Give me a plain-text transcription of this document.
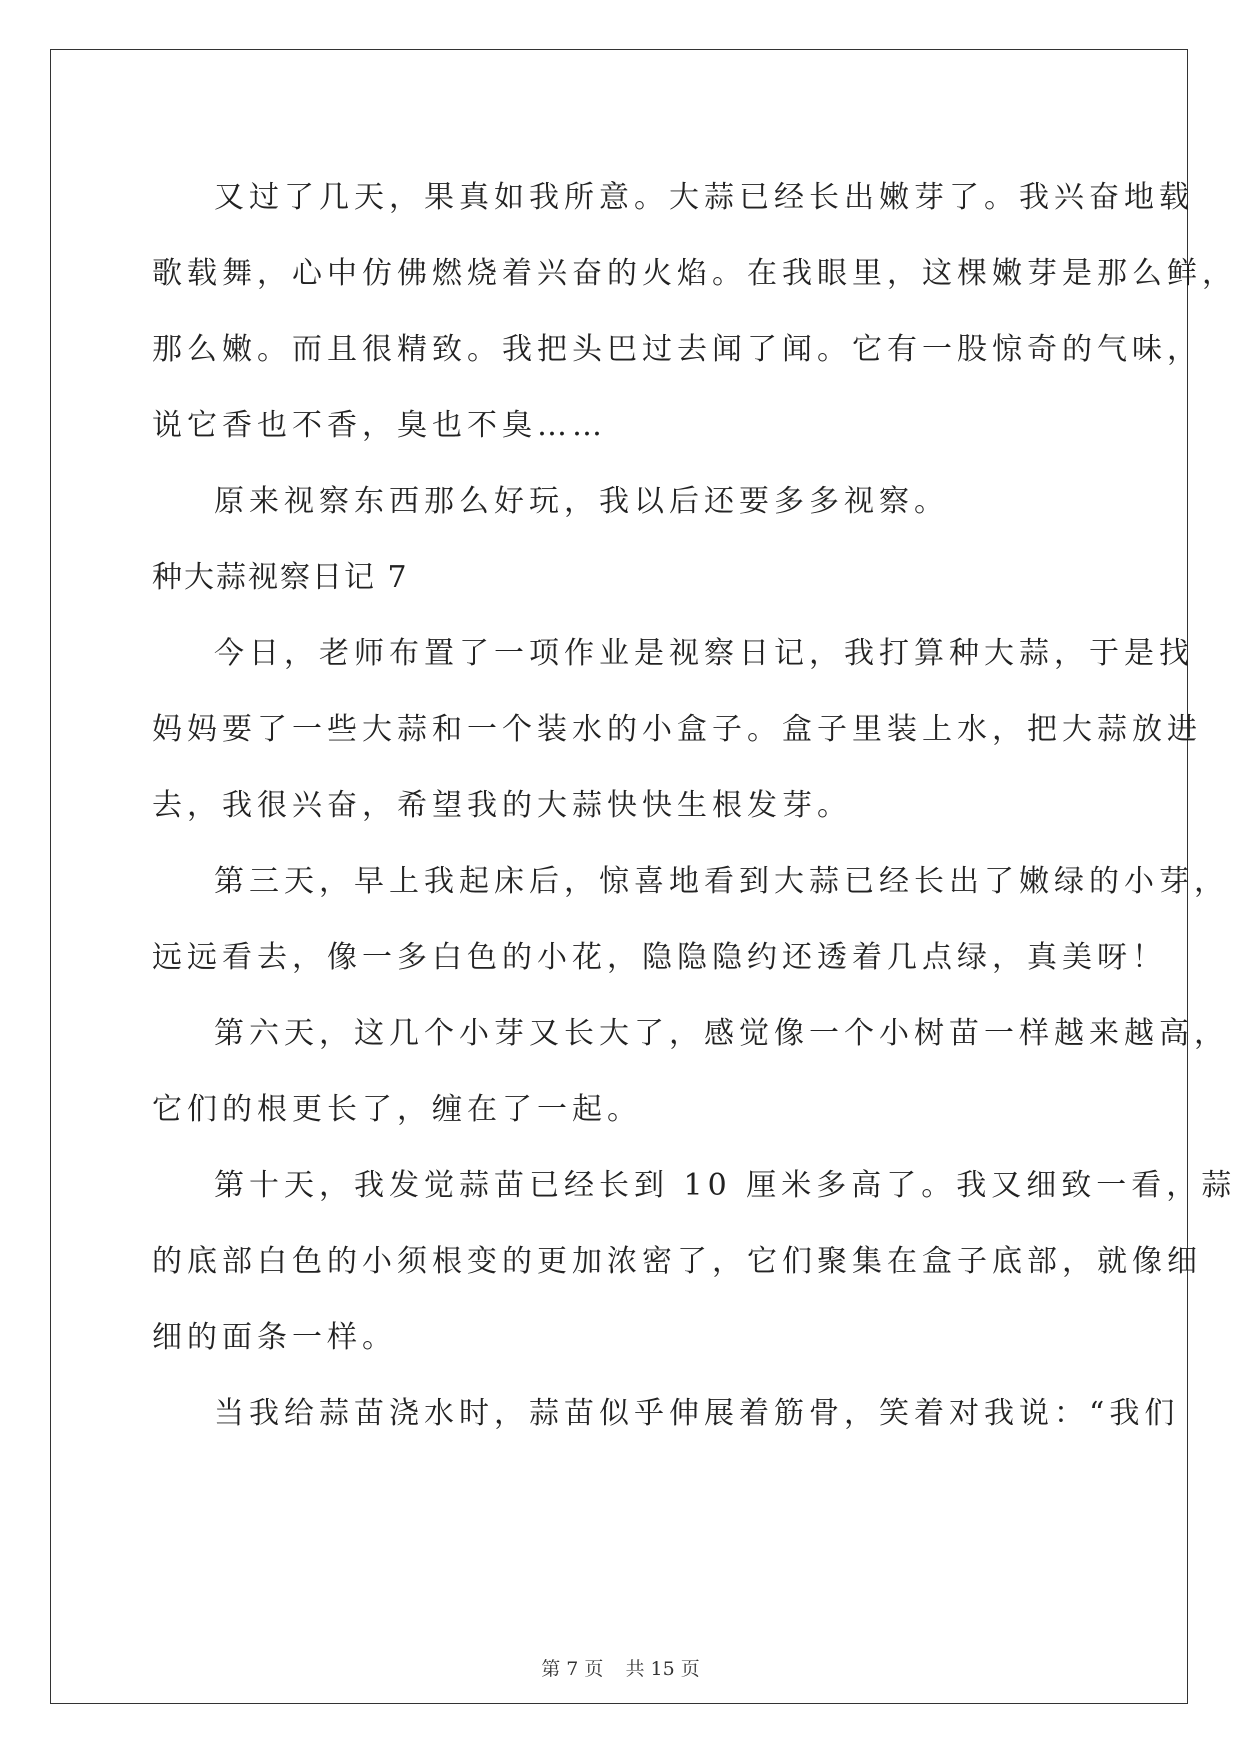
又过了几天，果真如我所意。大蒜已经长出嫩芽了。我兴奋地载
歌载舞，心中仿佛燃烧着兴奋的火焰。在我眼里，这棵嫩芽是那么鲜，
那么嫩。而且很精致。我把头巴过去闻了闻。它有一股惊奇的气味，
说它香也不香，臭也不臭……

原来视察东西那么好玩，我以后还要多多视察。

种大蒜视察日记 7

今日，老师布置了一项作业是视察日记，我打算种大蒜，于是找
妈妈要了一些大蒜和一个装水的小盒子。盒子里装上水，把大蒜放进
去，我很兴奋，希望我的大蒜快快生根发芽。

第三天，早上我起床后，惊喜地看到大蒜已经长出了嫩绿的小芽，
远远看去，像一多白色的小花，隐隐隐约还透着几点绿，真美呀！

第六天，这几个小芽又长大了，感觉像一个小树苗一样越来越高，
它们的根更长了，缠在了一起。

第十天，我发觉蒜苗已经长到 10 厘米多高了。我又细致一看，蒜
的底部白色的小须根变的更加浓密了，它们聚集在盒子底部，就像细
细的面条一样。

当我给蒜苗浇水时，蒜苗似乎伸展着筋骨，笑着对我说：“我们

第 7 页 共 15 页
